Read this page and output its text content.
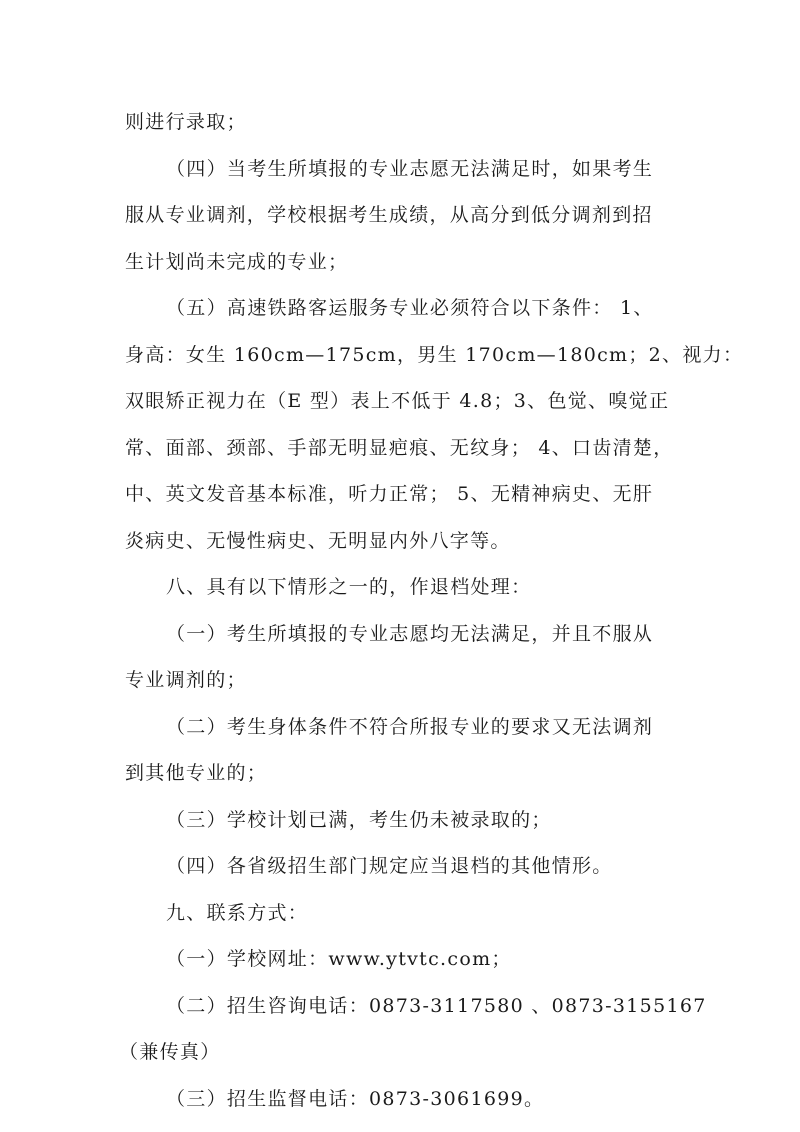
则进行录取；
（四）当考生所填报的专业志愿无法满足时，如果考生
服从专业调剂，学校根据考生成绩，从高分到低分调剂到招
生计划尚未完成的专业；
（五）高速铁路客运服务专业必须符合以下条件： 1、
身高：女生 160cm—175cm，男生 170cm—180cm；2、视力：
双眼矫正视力在（E 型）表上不低于 4.8；3、色觉、嗅觉正
常、面部、颈部、手部无明显疤痕、无纹身； 4、口齿清楚，
中、英文发音基本标准，听力正常； 5、无精神病史、无肝
炎病史、无慢性病史、无明显内外八字等。
八、具有以下情形之一的，作退档处理：
（一）考生所填报的专业志愿均无法满足，并且不服从
专业调剂的；
（二）考生身体条件不符合所报专业的要求又无法调剂
到其他专业的；
（三）学校计划已满，考生仍未被录取的；
（四）各省级招生部门规定应当退档的其他情形。
九、联系方式：
（一）学校网址：www.ytvtc.com；
（二）招生咨询电话：0873-3117580 、0873-3155167
（兼传真）
（三）招生监督电话：0873-3061699。
